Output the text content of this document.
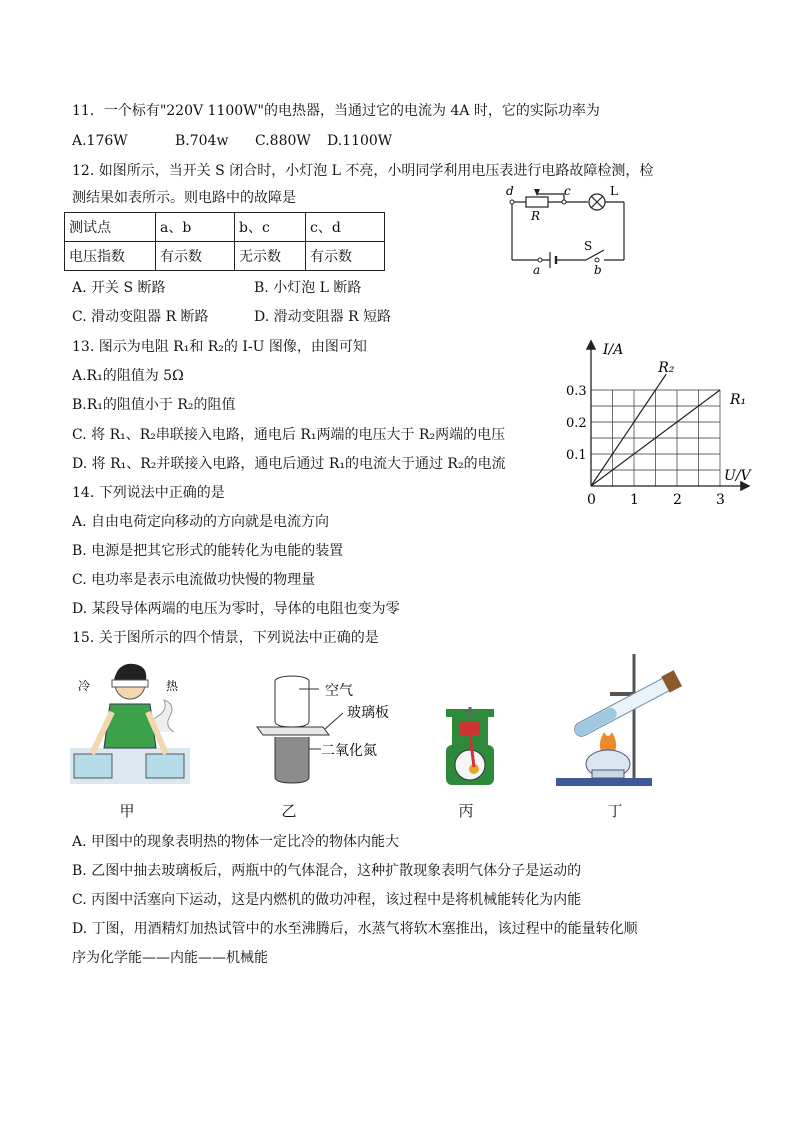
11．一个标有"220V 1100W"的电热器，当通过它的电流为 4A 时，它的实际功率为
A.176W	B.704w C.880W D.1100W
12. 如图所示，当开关 S 闭合时，小灯泡 L 不亮，小明同学利用电压表进行电路故障检测，检
测结果如表所示。则电路中的故障是
测试点	a、b	b、c	c、d
电压指数	有示数	无示数	有示数
d	c	L
R
S
a	b
A. 开关 S 断路	B. 小灯泡 L 断路
C. 滑动变阻器 R 断路	D. 滑动变阻器 R 短路
13. 图示为电阻 R₁和 R₂的 I-U 图像，由图可知
A.R₁的阻值为 5Ω
B.R₁的阻值小于 R₂的阻值
C. 将 R₁、R₂串联接入电路，通电后 R₁两端的电压大于 R₂两端的电压
D. 将 R₁、R₂并联接入电路，通电后通过 R₁的电流大于通过 R₂的电流
R₂
R₁
0 1 2 3
0.1
0.2
0.3
I/A
U/V
14. 下列说法中正确的是
A. 自由电荷定向移动的方向就是电流方向
B. 电源是把其它形式的能转化为电能的装置
C. 电功率是表示电流做功快慢的物理量
D. 某段导体两端的电压为零时，导体的电阻也变为零
15. 关于图所示的四个情景，下列说法中正确的是
冷	热	空气
玻璃板
二氧化氮
甲	乙	丙	丁
A. 甲图中的现象表明热的物体一定比冷的物体内能大
B. 乙图中抽去玻璃板后，两瓶中的气体混合，这种扩散现象表明气体分子是运动的
C. 丙图中活塞向下运动，这是内燃机的做功冲程，该过程中是将机械能转化为内能
D. 丁图，用酒精灯加热试管中的水至沸腾后，水蒸气将软木塞推出，该过程中的能量转化顺
序为化学能——内能——机械能
